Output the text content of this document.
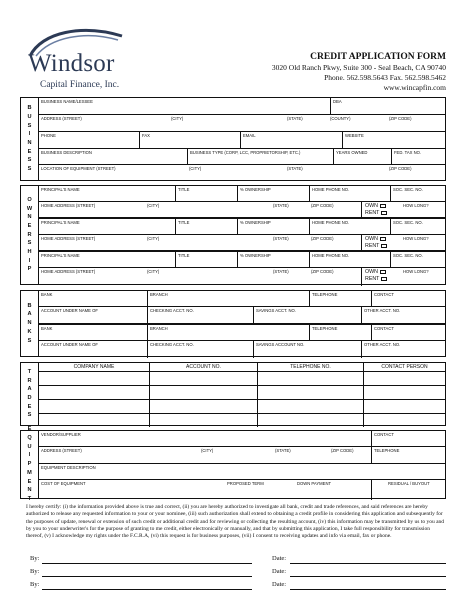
Windsor
Capital Finance, Inc.
CREDIT APPLICATION FORM
3020 Old Ranch Pkwy, Suite 300 - Seal Beach, CA 90740
Phone. 562.598.5643 Fax. 562.598.5462
www.wincapfin.com
B
U
S
I
N
E
S
S
BUSINESS NAME/LESSEE	DBA
ADDRESS (STREET)	(CITY)	(STATE)	(COUNTY)	(ZIP CODE)
PHONE	FAX	EMAIL	WEBSITE
BUSINESS DESCRIPTION	BUSINESS TYPE (CORP, LCC, PROPRIETORSHIP, ETC.)	YEARS OWNED	FED. TAX NO.
LOCATION OF EQUIPMENT (STREET)	(CITY)	(STATE)	(ZIP CODE)
O
W
N
E
R
S
H
I
P
PRINCIPAL'S NAME	TITLE	% OWNERSHIP	HOME PHONE NO.	SOC. SEC. NO.
HOME ADDRESS (STREET)	(CITY)	(STATE)	(ZIP CODE)	OWN
RENT
HOW LONG?
PRINCIPAL'S NAME	TITLE	% OWNERSHIP	HOME PHONE NO.	SOC. SEC. NO.
HOME ADDRESS (STREET)	(CITY)	(STATE)	(ZIP CODE)	OWN
RENT
HOW LONG?
PRINCIPAL'S NAME	TITLE	% OWNERSHIP	HOME PHONE NO.	SOC. SEC. NO.
HOME ADDRESS (STREET)	(CITY)	(STATE)	(ZIP CODE)	OWN
RENT
HOW LONG?
B
A
N
K
S
BANK	BRANCH	TELEPHONE	CONTACT
ACCOUNT UNDER NAME OF	CHECKING ACCT. NO.	SAVINGS ACCT. NO.	OTHER ACCT. NO.
BANK	BRANCH	TELEPHONE	CONTACT
ACCOUNT UNDER NAME OF	CHECKING ACCT. NO.	SAVINGS ACCOUNT NO.	OTHER ACCT. NO.
T
R
A
D
E
S
COMPANY NAME	ACCOUNT NO.	TELEPHONE NO.	CONTACT PERSON
E
Q
U
I
P
M
E
N
T
VENDOR/SUPPLIER	CONTACT
ADDRESS (STREET)	(CITY)	(STATE)	(ZIP CODE)	TELEPHONE
EQUIPMENT DESCRIPTION
COST OF EQUIPMENT	PROPOSED TERM	DOWN PAYMENT	RESIDUAL / BUYOUT
I hereby certify: (i) the information provided above is true and correct, (ii) you are hereby authorized to investigate all bank, credit and trade references, and said references are hereby authorized to release any requested information to your or your nominee, (iii) such authorization shall extend to obtaining a credit profile in considering this application and subsequently for the purposes of update, renewal or extension of such credit or additional credit and for reviewing or collecting the resulting account, (iv) this information may be transmitted by us to you and by you to your underwriter's for the purpose of granting to me credit, either electronically or manually, and that by submitting this application, I take full responsibility for transmission thereof, (v) I acknowledge my rights under the F.C.R.A, (vi) this request is for business purposes, (vii) I consent to receiving updates and info via email, fax or phone.
By:	Date:
By:	Date:
By:	Date:
